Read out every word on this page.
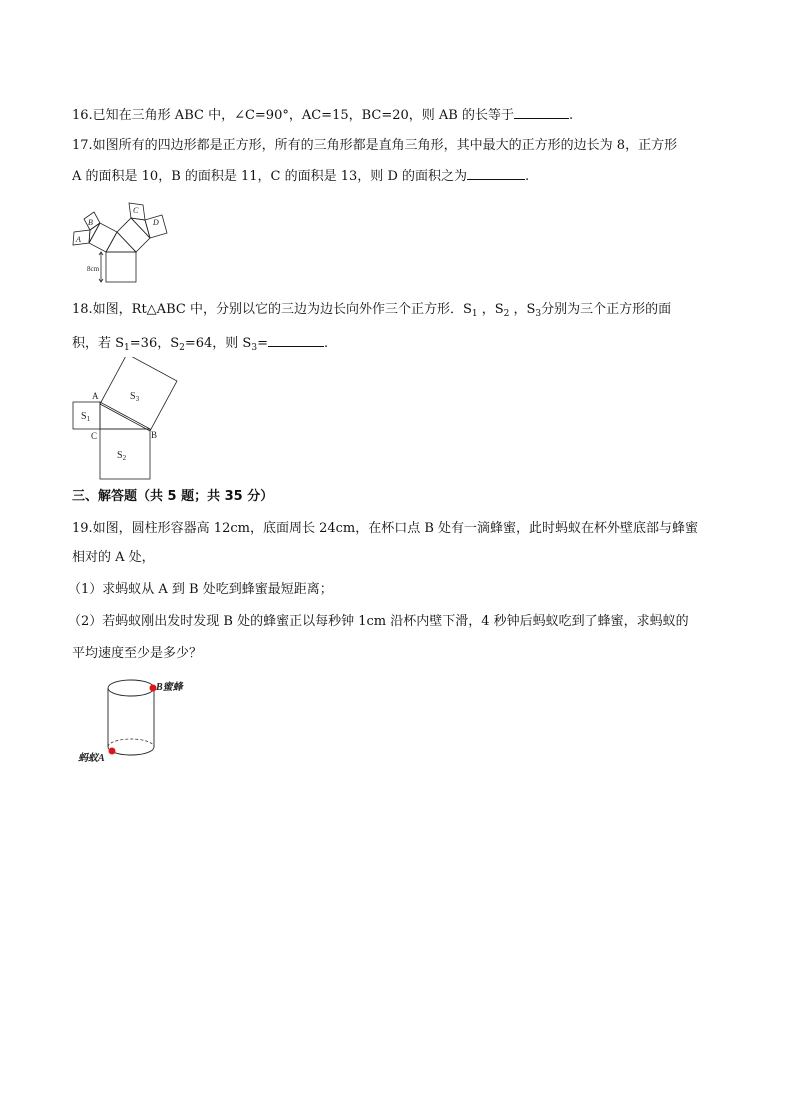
16.已知在三角形 ABC 中，∠C=90°，AC=15，BC=20，则 AB 的长等于	.
17.如图所有的四边形都是正方形，所有的三角形都是直角三角形，其中最大的正方形的边长为 8，正方形
A 的面积是 10，B 的面积是 11，C 的面积是 13，则 D 的面积之为	.
A
B
C
D
8cm
18.如图，Rt△ABC 中，分别以它的三边为边长向外作三个正方形．$S_1$ ，$S_2$ ，$S_3$分别为三个正方形的面
积，若 $S_1=36$，$S_2=64$，则 $S_3=$	.
A
B
C
$S_1$
$S_2$
$S_3$
三、解答题（共 5 题；共 35 分）
19.如图，圆柱形容器高 12cm，底面周长 24cm，在杯口点 B 处有一滴蜂蜜，此时蚂蚁在杯外壁底部与蜂蜜
相对的 A 处，
（1）求蚂蚁从 A 到 B 处吃到蜂蜜最短距离；
（2）若蚂蚁刚出发时发现 B 处的蜂蜜正以每秒钟 1cm 沿杯内壁下滑，4 秒钟后蚂蚁吃到了蜂蜜，求蚂蚁的
平均速度至少是多少？
B蜜蜂
蚂蚁A
